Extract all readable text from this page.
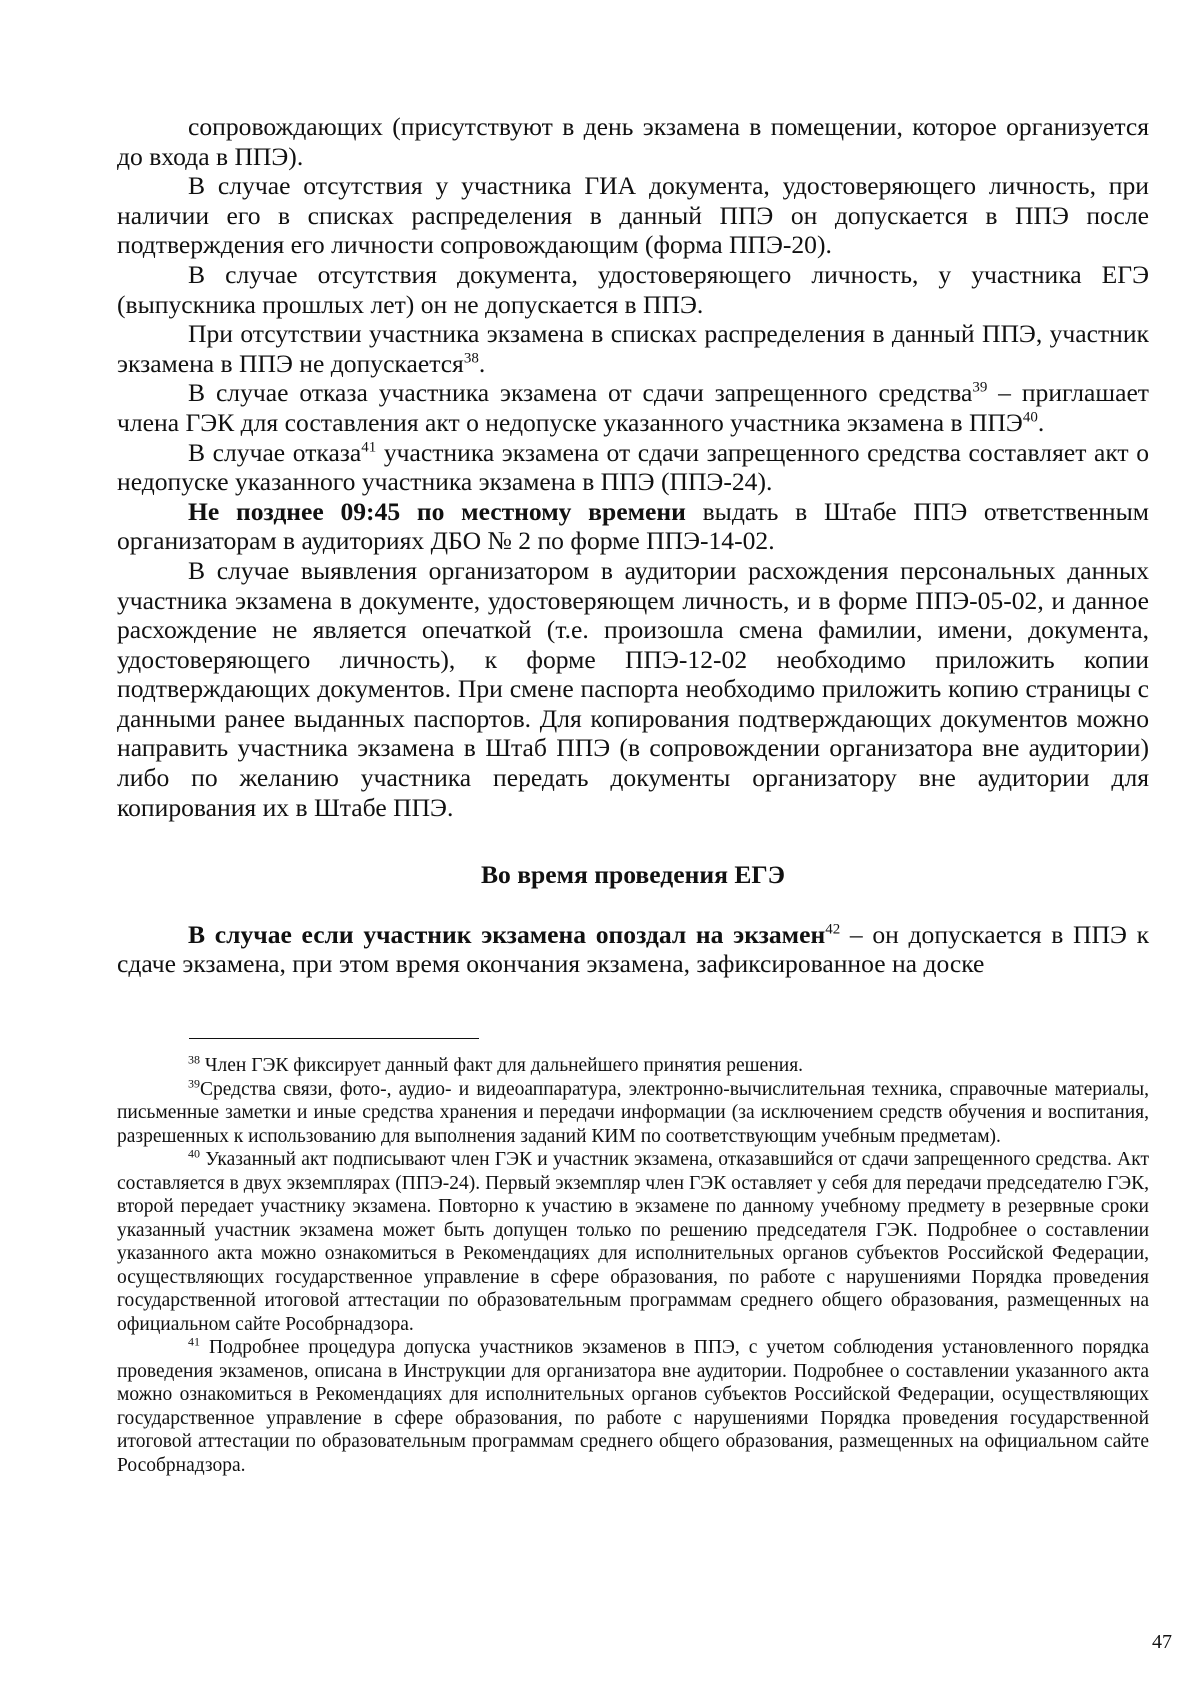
сопровождающих (присутствуют в день экзамена в помещении, которое организуется до входа в ППЭ).

В случае отсутствия у участника ГИА документа, удостоверяющего личность, при наличии его в списках распределения в данный ППЭ он допускается в ППЭ после подтверждения его личности сопровождающим (форма ППЭ-20).

В случае отсутствия документа, удостоверяющего личность, у участника ЕГЭ (выпускника прошлых лет) он не допускается в ППЭ.

При отсутствии участника экзамена в списках распределения в данный ППЭ, участник экзамена в ППЭ не допускается$^{38}$.

В случае отказа участника экзамена от сдачи запрещенного средства$^{39}$ – приглашает члена ГЭК для составления акт о недопуске указанного участника экзамена в ППЭ$^{40}$.

В случае отказа$^{41}$ участника экзамена от сдачи запрещенного средства составляет акт о недопуске указанного участника экзамена в ППЭ (ППЭ-24).

Не позднее 09:45 по местному времени выдать в Штабе ППЭ ответственным организаторам в аудиториях ДБО № 2 по форме ППЭ-14-02.

В случае выявления организатором в аудитории расхождения персональных данных участника экзамена в документе, удостоверяющем личность, и в форме ППЭ-05-02, и данное расхождение не является опечаткой (т.е. произошла смена фамилии, имени, документа, удостоверяющего личность), к форме ППЭ-12-02 необходимо приложить копии подтверждающих документов. При смене паспорта необходимо приложить копию страницы с данными ранее выданных паспортов. Для копирования подтверждающих документов можно направить участника экзамена в Штаб ППЭ (в сопровождении организатора вне аудитории) либо по желанию участника передать документы организатору вне аудитории для копирования их в Штабе ППЭ.

Во время проведения ЕГЭ

В случае если участник экзамена опоздал на экзамен$^{42}$ – он допускается в ППЭ к сдаче экзамена, при этом время окончания экзамена, зафиксированное на доске

$^{38}$ Член ГЭК фиксирует данный факт для дальнейшего принятия решения.

$^{39}$Средства связи, фото-, аудио- и видеоаппаратура, электронно-вычислительная техника, справочные материалы, письменные заметки и иные средства хранения и передачи информации (за исключением средств обучения и воспитания, разрешенных к использованию для выполнения заданий КИМ по соответствующим учебным предметам).

$^{40}$ Указанный акт подписывают член ГЭК и участник экзамена, отказавшийся от сдачи запрещенного средства. Акт составляется в двух экземплярах (ППЭ-24). Первый экземпляр член ГЭК оставляет у себя для передачи председателю ГЭК, второй передает участнику экзамена. Повторно к участию в экзамене по данному учебному предмету в резервные сроки указанный участник экзамена может быть допущен только по решению председателя ГЭК. Подробнее о составлении указанного акта можно ознакомиться в Рекомендациях для исполнительных органов субъектов Российской Федерации, осуществляющих государственное управление в сфере образования, по работе с нарушениями Порядка проведения государственной итоговой аттестации по образовательным программам среднего общего образования, размещенных на официальном сайте Рособрнадзора.

$^{41}$ Подробнее процедура допуска участников экзаменов в ППЭ, с учетом соблюдения установленного порядка проведения экзаменов, описана в Инструкции для организатора вне аудитории. Подробнее о составлении указанного акта можно ознакомиться в Рекомендациях для исполнительных органов субъектов Российской Федерации, осуществляющих государственное управление в сфере образования, по работе с нарушениями Порядка проведения государственной итоговой аттестации по образовательным программам среднего общего образования, размещенных на официальном сайте Рособрнадзора.

47
